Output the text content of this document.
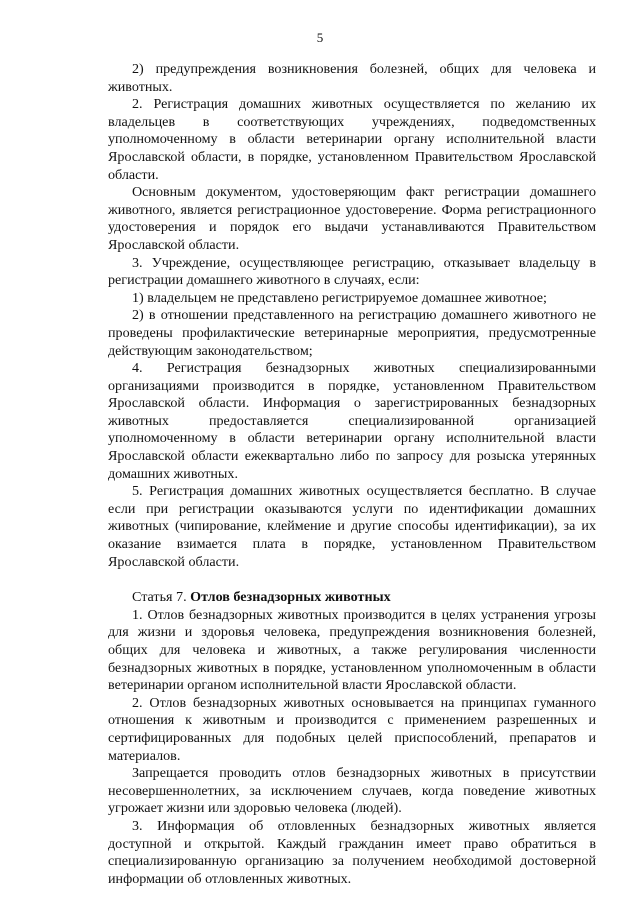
5

2) предупреждения возникновения болезней, общих для человека и животных.

2. Регистрация домашних животных осуществляется по желанию их владельцев в соответствующих учреждениях, подведомственных уполномоченному в области ветеринарии органу исполнительной власти Ярославской области, в порядке, установленном Правительством Ярославской области.

Основным документом, удостоверяющим факт регистрации домашнего животного, является регистрационное удостоверение. Форма регистрационного удостоверения и порядок его выдачи устанавливаются Правительством Ярославской области.

3. Учреждение, осуществляющее регистрацию, отказывает владельцу в регистрации домашнего животного в случаях, если:

1) владельцем не представлено регистрируемое домашнее животное;

2) в отношении представленного на регистрацию домашнего животного не проведены профилактические ветеринарные мероприятия, предусмотренные действующим законодательством;

4. Регистрация безнадзорных животных специализированными организациями производится в порядке, установленном Правительством Ярославской области. Информация о зарегистрированных безнадзорных животных предоставляется специализированной организацией уполномоченному в области ветеринарии органу исполнительной власти Ярославской области ежеквартально либо по запросу для розыска утерянных домашних животных.

5. Регистрация домашних животных осуществляется бесплатно. В случае если при регистрации оказываются услуги по идентификации домашних животных (чипирование, клеймение и другие способы идентификации), за их оказание взимается плата в порядке, установленном Правительством Ярославской области.

Статья 7. Отлов безнадзорных животных

1. Отлов безнадзорных животных производится в целях устранения угрозы для жизни и здоровья человека, предупреждения возникновения болезней, общих для человека и животных, а также регулирования численности безнадзорных животных в порядке, установленном уполномоченным в области ветеринарии органом исполнительной власти Ярославской области.

2. Отлов безнадзорных животных основывается на принципах гуманного отношения к животным и производится с применением разрешенных и сертифицированных для подобных целей приспособлений, препаратов и материалов.

Запрещается проводить отлов безнадзорных животных в присутствии несовершеннолетних, за исключением случаев, когда поведение животных угрожает жизни или здоровью человека (людей).

3. Информация об отловленных безнадзорных животных является доступной и открытой. Каждый гражданин имеет право обратиться в специализированную организацию за получением необходимой достоверной информации об отловленных животных.
